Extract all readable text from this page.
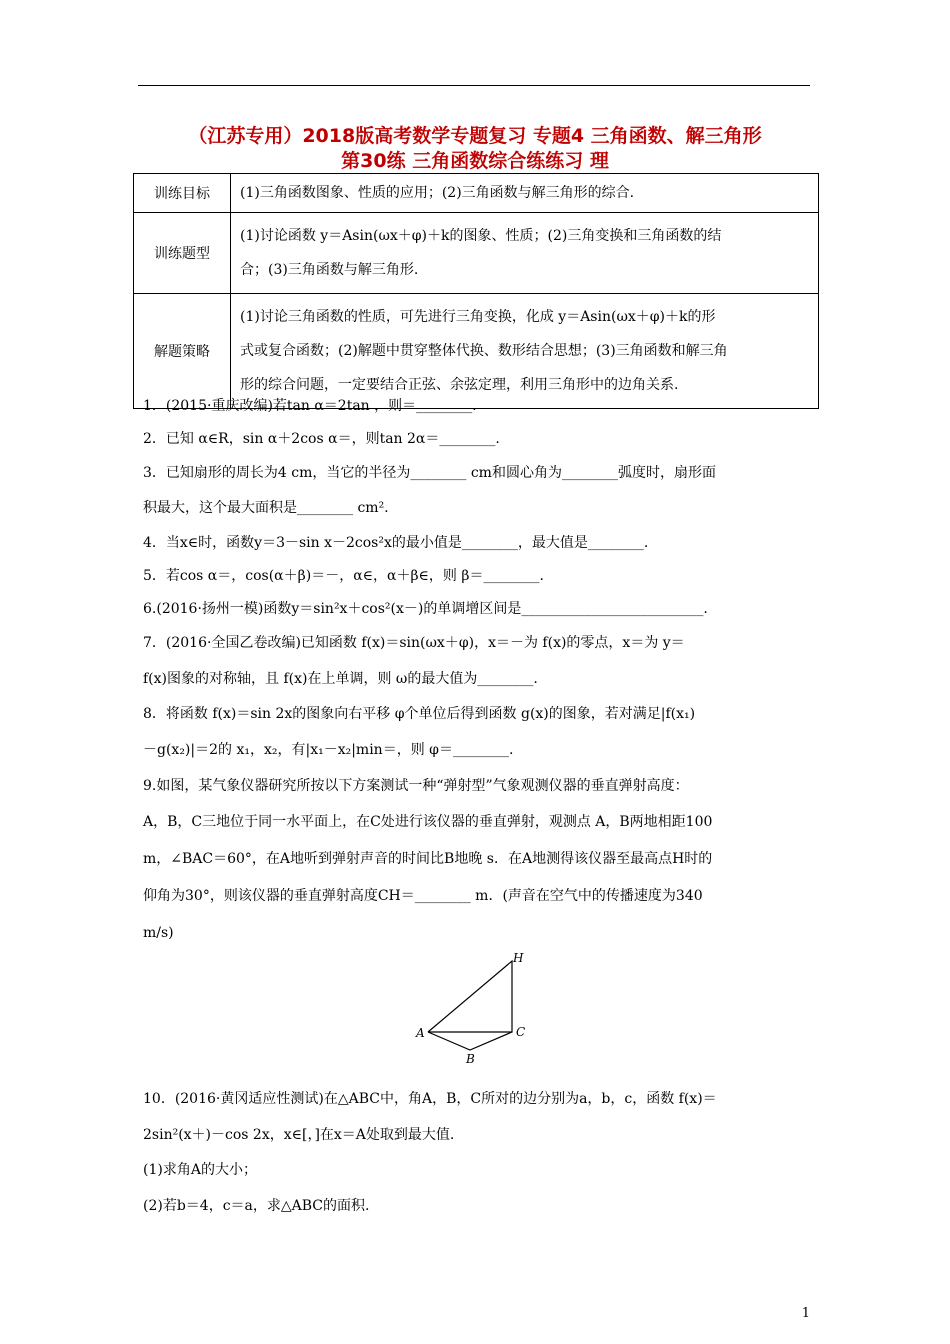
（江苏专用）2018版高考数学专题复习 专题4 三角函数、解三角形
第30练 三角函数综合练练习 理
训练目标	(1)三角函数图象、性质的应用；(2)三角函数与解三角形的综合.

训练题型	(1)讨论函数 y＝Asin(ωx＋φ)＋k的图象、性质；(2)三角变换和三角函数的结
合；(3)三角函数与解三角形.

解题策略	(1)讨论三角函数的性质，可先进行三角变换，化成 y＝Asin(ωx＋φ)＋k的形
式或复合函数；(2)解题中贯穿整体代换、数形结合思想；(3)三角函数和解三角
形的综合问题，一定要结合正弦、余弦定理，利用三角形中的边角关系.
1．(2015·重庆改编)若tan α＝2tan ，则＝________.
2．已知 α∈R，sin α＋2cos α＝，则tan 2α＝________.
3．已知扇形的周长为4 cm，当它的半径为________ cm和圆心角为________弧度时，扇形面
积最大，这个最大面积是________ cm².
4．当x∈时，函数y＝3－sin x－2cos²x的最小值是________，最大值是________.
5．若cos α＝，cos(α＋β)＝－，α∈，α＋β∈，则 β＝________.
6.(2016·扬州一模)函数y＝sin²x＋cos²(x－)的单调增区间是__________________________.
7．(2016·全国乙卷改编)已知函数 f(x)＝sin(ωx＋φ)，x＝－为 f(x)的零点，x＝为 y＝
f(x)图象的对称轴，且 f(x)在上单调，则 ω的最大值为________.
8．将函数 f(x)＝sin 2x的图象向右平移 φ个单位后得到函数 g(x)的图象，若对满足|f(x₁)
－g(x₂)|＝2的 x₁，x₂，有|x₁－x₂|min＝，则 φ＝________.
9.如图，某气象仪器研究所按以下方案测试一种“弹射型”气象观测仪器的垂直弹射高度：
A，B，C三地位于同一水平面上，在C处进行该仪器的垂直弹射，观测点 A，B两地相距100
m，∠BAC＝60°，在A地听到弹射声音的时间比B地晚 s．在A地测得该仪器至最高点H时的
仰角为30°，则该仪器的垂直弹射高度CH＝________ m．(声音在空气中的传播速度为340
m/s)
H
A
B
C
10．(2016·黄冈适应性测试)在△ABC中，角A，B，C所对的边分别为a，b，c，函数 f(x)＝
2sin²(x＋)－cos 2x，x∈[，]在x＝A处取到最大值.
(1)求角A的大小；
(2)若b＝4，c＝a，求△ABC的面积.
1
